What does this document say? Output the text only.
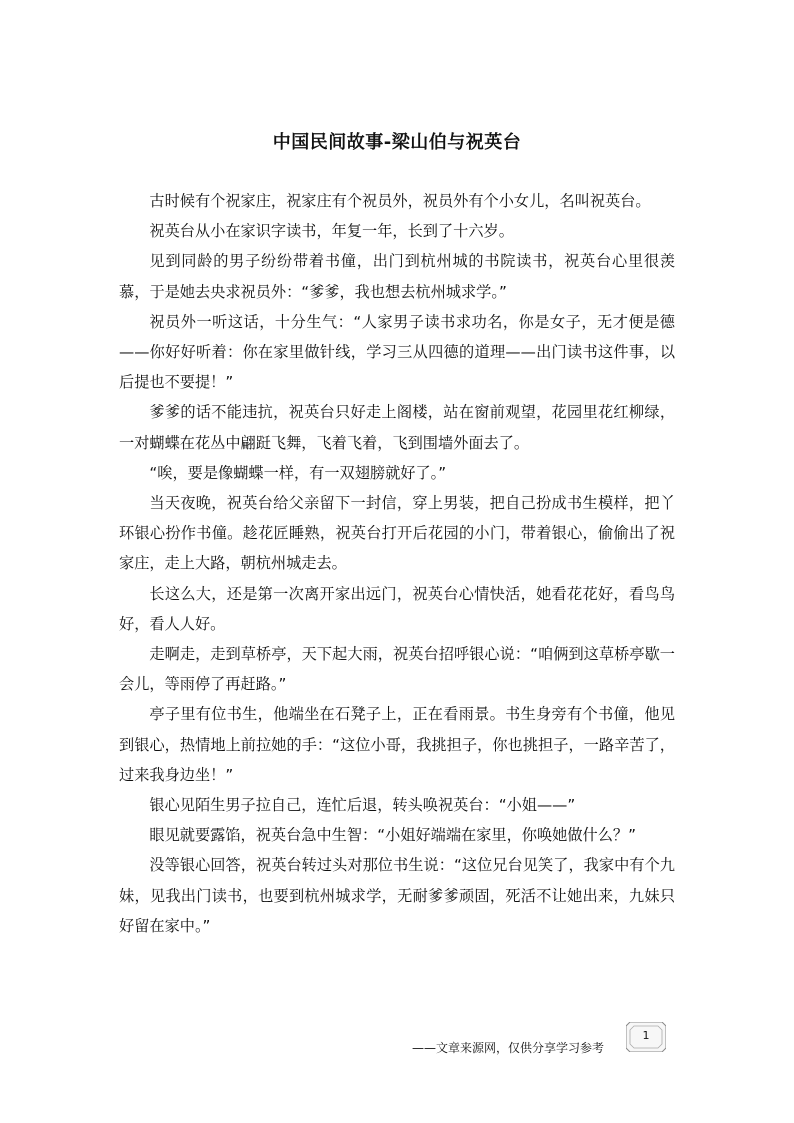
中国民间故事-梁山伯与祝英台

古时候有个祝家庄，祝家庄有个祝员外，祝员外有个小女儿，名叫祝英台。

祝英台从小在家识字读书，年复一年，长到了十六岁。

见到同龄的男子纷纷带着书僮，出门到杭州城的书院读书，祝英台心里很羡慕，于是她去央求祝员外：“爹爹，我也想去杭州城求学。”

祝员外一听这话，十分生气：“人家男子读书求功名，你是女子，无才便是德——你好好听着：你在家里做针线，学习三从四德的道理——出门读书这件事，以后提也不要提！”

爹爹的话不能违抗，祝英台只好走上阁楼，站在窗前观望，花园里花红柳绿，一对蝴蝶在花丛中翩跹飞舞，飞着飞着，飞到围墙外面去了。

“唉，要是像蝴蝶一样，有一双翅膀就好了。”

当天夜晚，祝英台给父亲留下一封信，穿上男装，把自己扮成书生模样，把丫环银心扮作书僮。趁花匠睡熟，祝英台打开后花园的小门，带着银心，偷偷出了祝家庄，走上大路，朝杭州城走去。

长这么大，还是第一次离开家出远门，祝英台心情快活，她看花花好，看鸟鸟好，看人人好。

走啊走，走到草桥亭，天下起大雨，祝英台招呼银心说：“咱俩到这草桥亭歇一会儿，等雨停了再赶路。”

亭子里有位书生，他端坐在石凳子上，正在看雨景。书生身旁有个书僮，他见到银心，热情地上前拉她的手：“这位小哥，我挑担子，你也挑担子，一路辛苦了，过来我身边坐！”

银心见陌生男子拉自己，连忙后退，转头唤祝英台：“小姐——”

眼见就要露馅，祝英台急中生智：“小姐好端端在家里，你唤她做什么？”

没等银心回答，祝英台转过头对那位书生说：“这位兄台见笑了，我家中有个九妹，见我出门读书，也要到杭州城求学，无耐爹爹顽固，死活不让她出来，九妹只好留在家中。”

——文章来源网，仅供分享学习参考
1
